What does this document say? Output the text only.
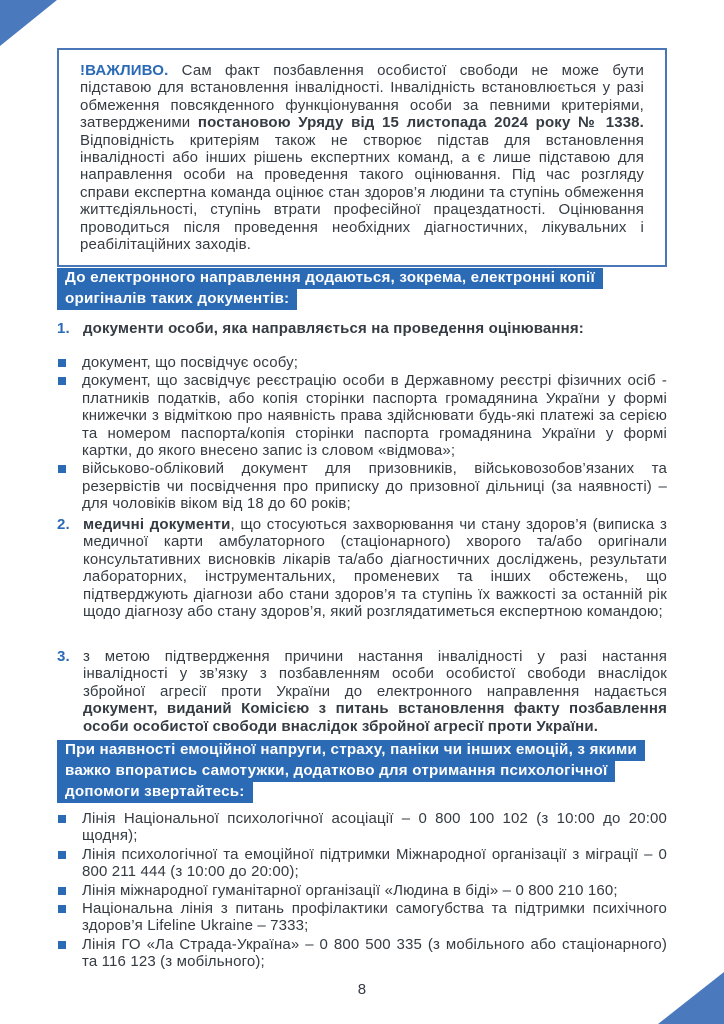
!ВАЖЛИВО. Сам факт позбавлення особистої свободи не може бути підставою для встановлення інвалідності. Інвалідність встановлюється у разі обмеження повсякденного функціонування особи за певними критеріями, затвердженими постановою Уряду від 15 листопада 2024 року № 1338. Відповідність критеріям також не створює підстав для встановлення інвалідності або інших рішень експертних команд, а є лише підставою для направлення особи на проведення такого оцінювання. Під час розгляду справи експертна команда оцінює стан здоров’я людини та ступінь обмеження життєдіяльності, ступінь втрати професійної працездатності. Оцінювання проводиться після проведення необхідних діагностичних, лікувальних і реабілітаційних заходів.
До електронного направлення додаються, зокрема, електронні копії
оригіналів таких документів:
1. документи особи, яка направляється на проведення оцінювання:
документ, що посвідчує особу;
документ, що засвідчує реєстрацію особи в Державному реєстрі фізичних осіб - платників податків, або копія сторінки паспорта громадянина України у формі книжечки з відміткою про наявність права здійснювати будь-які платежі за серією та номером паспорта/копія сторінки паспорта громадянина України у формі картки, до якого внесено запис із словом «відмова»;
військово-обліковий документ для призовників, військовозобов’язаних та резервістів чи посвідчення про приписку до призовної дільниці (за наявності) – для чоловіків віком від 18 до 60 років;
2. медичні документи, що стосуються захворювання чи стану здоров’я (виписка з медичної карти амбулаторного (стаціонарного) хворого та/або оригінали консультативних висновків лікарів та/або діагностичних досліджень, результати лабораторних, інструментальних, променевих та інших обстежень, що підтверджують діагнози або стани здоров’я та ступінь їх важкості за останній рік щодо діагнозу або стану здоров’я, який розглядатиметься експертною командою;
3. з метою підтвердження причини настання інвалідності у разі настання інвалідності у зв’язку з позбавленням особи особистої свободи внаслідок збройної агресії проти України до електронного направлення надається документ, виданий Комісією з питань встановлення факту позбавлення особи особистої свободи внаслідок збройної агресії проти України.
При наявності емоційної напруги, страху, паніки чи інших емоцій, з якими
важко впоратись самотужки, додатково для отримання психологічної
допомоги звертайтесь:
Лінія Національної психологічної асоціації – 0 800 100 102 (з 10:00 до 20:00 щодня);
Лінія психологічної та емоційної підтримки Міжнародної організації з міграції – 0 800 211 444 (з 10:00 до 20:00);
Лінія міжнародної гуманітарної організації «Людина в біді» – 0 800 210 160;
Національна лінія з питань профілактики самогубства та підтримки психічного здоров’я Lifeline Ukraine – 7333;
Лінія ГО «Ла Страда-Україна» – 0 800 500 335 (з мобільного або стаціонарного) та 116 123 (з мобільного);
8
